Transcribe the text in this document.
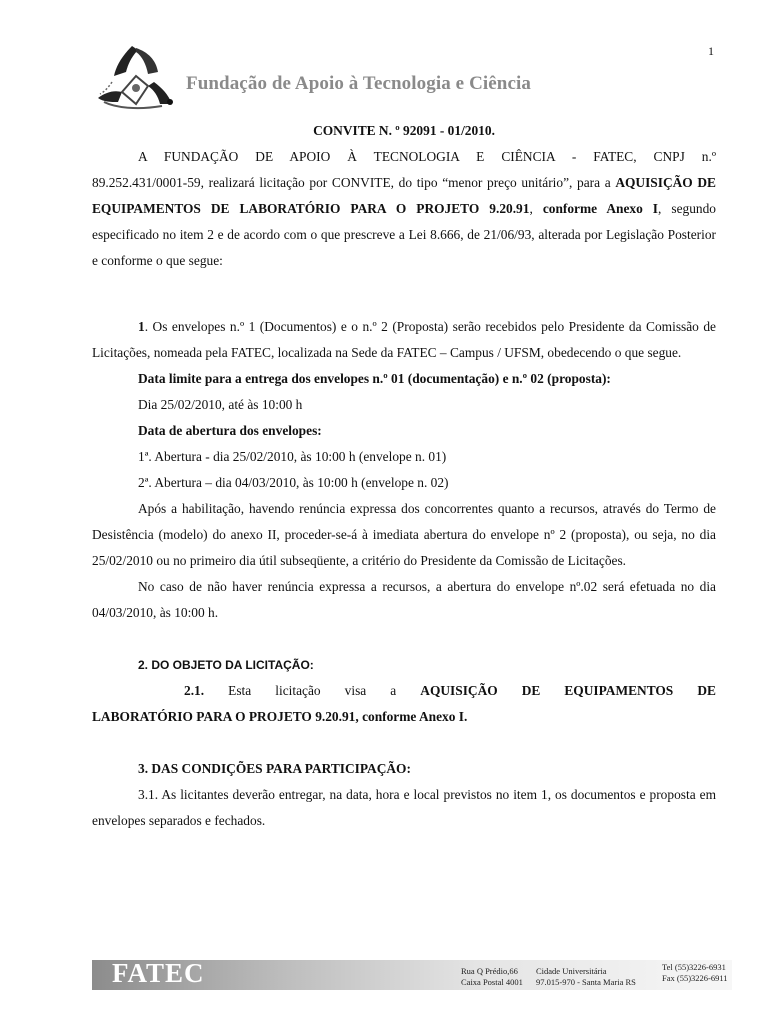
1
Fundação de Apoio à Tecnologia e Ciência

CONVITE N. º 92091 - 01/2010.

A FUNDAÇÃO DE APOIO À TECNOLOGIA E CIÊNCIA - FATEC, CNPJ n.º

89.252.431/0001-59, realizará licitação por CONVITE, do tipo “menor preço unitário”, para a AQUISIÇÃO DE EQUIPAMENTOS DE LABORATÓRIO PARA O PROJETO 9.20.91, conforme Anexo I, segundo especificado no item 2 e de acordo com o que prescreve a Lei 8.666, de 21/06/93, alterada por Legislação Posterior e conforme o que segue:

1. Os envelopes n.º 1 (Documentos) e o n.º 2 (Proposta) serão recebidos pelo Presidente da Comissão de Licitações, nomeada pela FATEC, localizada na Sede da FATEC – Campus / UFSM, obedecendo o que segue.

Data limite para a entrega dos envelopes n.º 01 (documentação) e n.º 02 (proposta):

Dia 25/02/2010, até às 10:00 h

Data de abertura dos envelopes:

1ª. Abertura - dia 25/02/2010, às 10:00 h (envelope n. 01)

2ª. Abertura – dia 04/03/2010, às 10:00 h (envelope n. 02)

Após a habilitação, havendo renúncia expressa dos concorrentes quanto a recursos, através do Termo de Desistência (modelo) do anexo II, proceder-se-á à imediata abertura do envelope nº 2 (proposta), ou seja, no dia 25/02/2010 ou no primeiro dia útil subseqüente, a critério do Presidente da Comissão de Licitações.

No caso de não haver renúncia expressa a recursos, a abertura do envelope nº.02 será efetuada no dia 04/03/2010, às 10:00 h.

2. DO OBJETO DA LICITAÇÃO:

2.1. Esta licitação visa a AQUISIÇÃO DE EQUIPAMENTOS DE

LABORATÓRIO PARA O PROJETO 9.20.91, conforme Anexo I.

3. DAS CONDIÇÕES PARA PARTICIPAÇÃO:

3.1. As licitantes deverão entregar, na data, hora e local previstos no item 1, os documentos e proposta em envelopes separados e fechados.

FATEC	Rua Q Prédio,66
Caixa Postal 4001
Cidade Universitária
97.015-970 - Santa Maria RS
Tel (55)3226-6931
Fax (55)3226-6911
